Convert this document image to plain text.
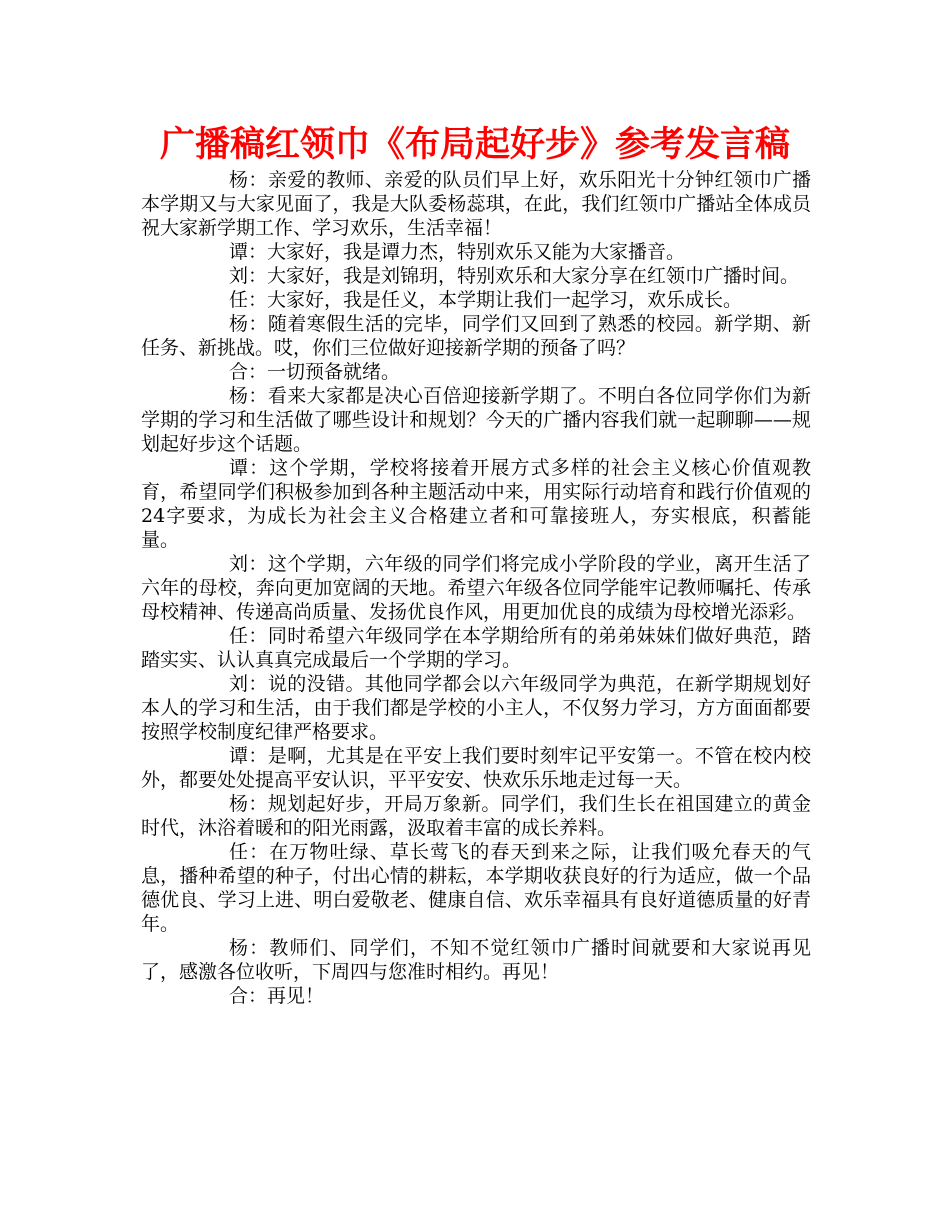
广播稿红领巾《布局起好步》参考发言稿

杨：亲爱的教师、亲爱的队员们早上好，欢乐阳光十分钟红领巾广播本学期又与大家见面了，我是大队委杨蕊琪，在此，我们红领巾广播站全体成员祝大家新学期工作、学习欢乐，生活幸福！

谭：大家好，我是谭力杰，特别欢乐又能为大家播音。

刘：大家好，我是刘锦玥，特别欢乐和大家分享在红领巾广播时间。

任：大家好，我是任义，本学期让我们一起学习，欢乐成长。

杨：随着寒假生活的完毕，同学们又回到了熟悉的校园。新学期、新任务、新挑战。哎，你们三位做好迎接新学期的预备了吗？

合：一切预备就绪。

杨：看来大家都是决心百倍迎接新学期了。不明白各位同学你们为新学期的学习和生活做了哪些设计和规划？今天的广播内容我们就一起聊聊——规划起好步这个话题。

谭：这个学期，学校将接着开展方式多样的社会主义核心价值观教育，希望同学们积极参加到各种主题活动中来，用实际行动培育和践行价值观的24字要求，为成长为社会主义合格建立者和可靠接班人，夯实根底，积蓄能量。

刘：这个学期，六年级的同学们将完成小学阶段的学业，离开生活了六年的母校，奔向更加宽阔的天地。希望六年级各位同学能牢记教师嘱托、传承母校精神、传递高尚质量、发扬优良作风，用更加优良的成绩为母校增光添彩。

任：同时希望六年级同学在本学期给所有的弟弟妹妹们做好典范，踏踏实实、认认真真完成最后一个学期的学习。

刘：说的没错。其他同学都会以六年级同学为典范，在新学期规划好本人的学习和生活，由于我们都是学校的小主人，不仅努力学习，方方面面都要按照学校制度纪律严格要求。

谭：是啊，尤其是在平安上我们要时刻牢记平安第一。不管在校内校外，都要处处提高平安认识，平平安安、快欢乐乐地走过每一天。

杨：规划起好步，开局万象新。同学们，我们生长在祖国建立的黄金时代，沐浴着暖和的阳光雨露，汲取着丰富的成长养料。

任：在万物吐绿、草长莺飞的春天到来之际，让我们吸允春天的气息，播种希望的种子，付出心情的耕耘，本学期收获良好的行为适应，做一个品德优良、学习上进、明白爱敬老、健康自信、欢乐幸福具有良好道德质量的好青年。

杨：教师们、同学们，不知不觉红领巾广播时间就要和大家说再见了，感激各位收听，下周四与您准时相约。再见！

合：再见！
